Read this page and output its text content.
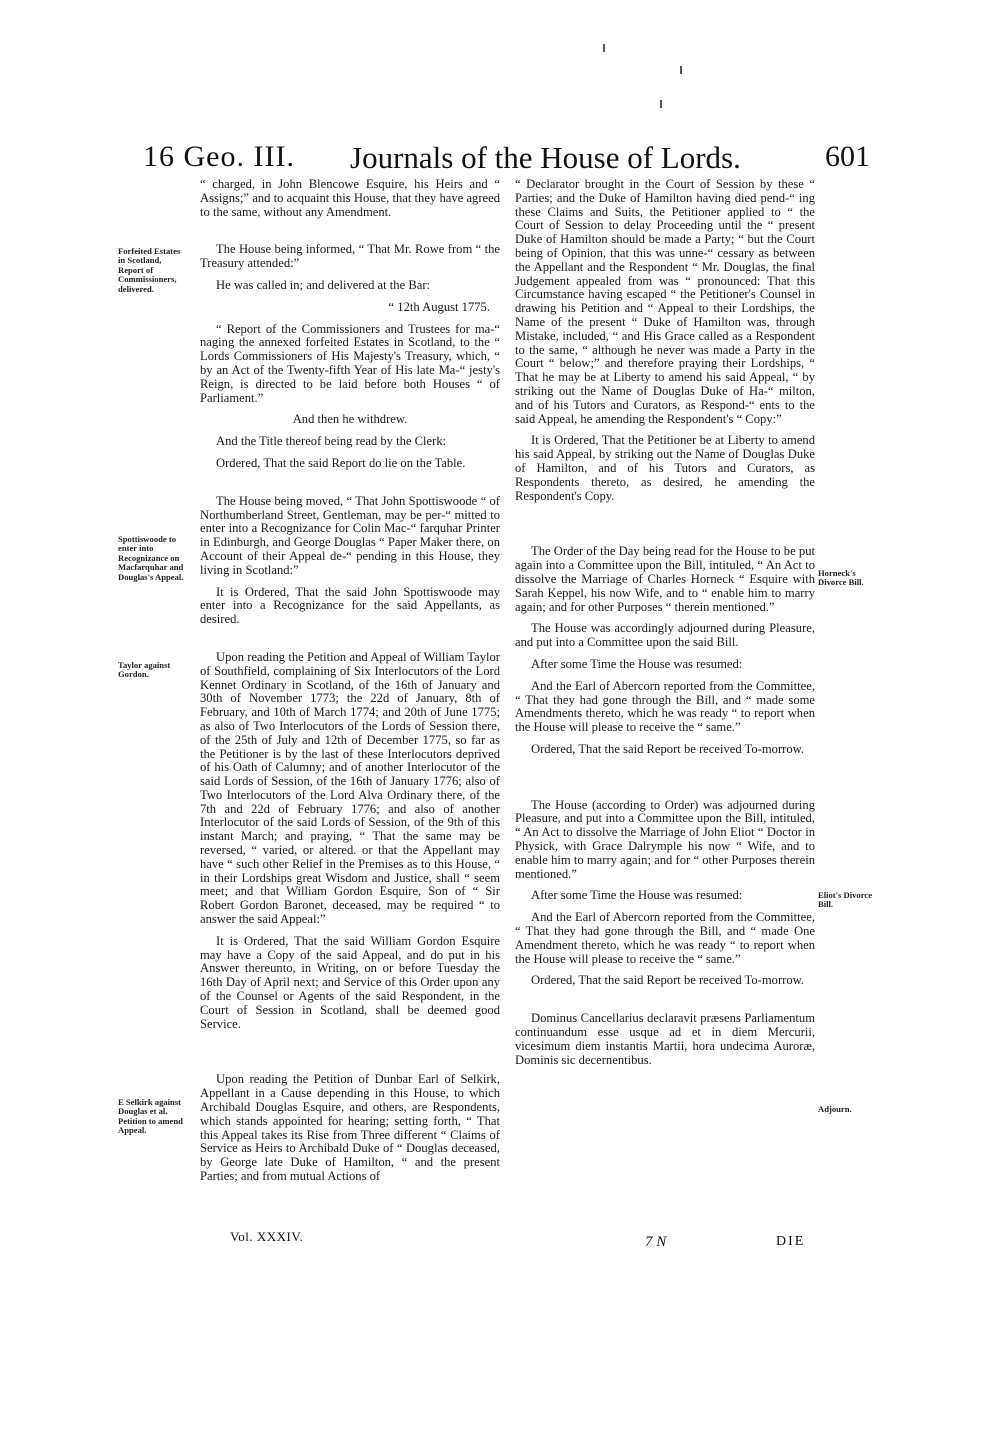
16 Geo. III. Journals of the House of Lords.	601
Forfeited Estates in Scotland, Report of Commissioners, delivered.
Spottiswoode to enter into Recognizance on Macfarquhar and Douglas's Appeal.
Taylor against Gordon.
E Selkirk against Douglas et al. Petition to amend Appeal.
Horneck's Divorce Bill.
Eliot's Divorce Bill.
Adjourn.

“ charged, in John Blencowe Esquire, his Heirs and “ Assigns;” and to acquaint this House, that they have agreed to the same, without any Amendment.

The House being informed, “ That Mr. Rowe from “ the Treasury attended:”

He was called in; and delivered at the Bar:

“ 12th August 1775.

“ Report of the Commissioners and Trustees for ma-“ naging the annexed forfeited Estates in Scotland, to the “ Lords Commissioners of His Majesty's Treasury, which, “ by an Act of the Twenty-fifth Year of His late Ma-“ jesty's Reign, is directed to be laid before both Houses “ of Parliament.”

And then he withdrew.

And the Title thereof being read by the Clerk:

Ordered, That the said Report do lie on the Table.

The House being moved, “ That John Spottiswoode “ of Northumberland Street, Gentleman, may be per-“ mitted to enter into a Recognizance for Colin Mac-“ farquhar Printer in Edinburgh, and George Douglas “ Paper Maker there, on Account of their Appeal de-“ pending in this House, they living in Scotland:”

It is Ordered, That the said John Spottiswoode may enter into a Recognizance for the said Appellants, as desired.

Upon reading the Petition and Appeal of William Taylor of Southfield, complaining of Six Interlocutors of the Lord Kennet Ordinary in Scotland, of the 16th of January and 30th of November 1773; the 22d of January, 8th of February, and 10th of March 1774; and 20th of June 1775; as also of Two Interlocutors of the Lords of Session there, of the 25th of July and 12th of December 1775, so far as the Petitioner is by the last of these Interlocutors deprived of his Oath of Calumny; and of another Interlocutor of the said Lords of Session, of the 16th of January 1776; also of Two Interlocutors of the Lord Alva Ordinary there, of the 7th and 22d of February 1776; and also of another Interlocutor of the said Lords of Session, of the 9th of this instant March; and praying, “ That the same may be reversed, “ varied, or altered. or that the Appellant may have “ such other Relief in the Premises as to this House, “ in their Lordships great Wisdom and Justice, shall “ seem meet; and that William Gordon Esquire, Son of “ Sir Robert Gordon Baronet, deceased, may be required “ to answer the said Appeal:”

It is Ordered, That the said William Gordon Esquire may have a Copy of the said Appeal, and do put in his Answer thereunto, in Writing, on or before Tuesday the 16th Day of April next; and Service of this Order upon any of the Counsel or Agents of the said Respondent, in the Court of Session in Scotland, shall be deemed good Service.

Upon reading the Petition of Dunbar Earl of Selkirk, Appellant in a Cause depending in this House, to which Archibald Douglas Esquire, and others, are Respondents, which stands appointed for hearing; setting forth, “ That this Appeal takes its Rise from Three different “ Claims of Service as Heirs to Archibald Duke of “ Douglas deceased, by George late Duke of Hamilton, “ and the present Parties; and from mutual Actions of

“ Declarator brought in the Court of Session by these “ Parties; and the Duke of Hamilton having died pend-“ ing these Claims and Suits, the Petitioner applied to “ the Court of Session to delay Proceeding until the “ present Duke of Hamilton should be made a Party; “ but the Court being of Opinion, that this was unne-“ cessary as between the Appellant and the Respondent “ Mr. Douglas, the final Judgement appealed from was “ pronounced: That this Circumstance having escaped “ the Petitioner's Counsel in drawing his Petition and “ Appeal to their Lordships, the Name of the present “ Duke of Hamilton was, through Mistake, included, “ and His Grace called as a Respondent to the same, “ although he never was made a Party in the Court “ below;” and therefore praying their Lordships, “ That he may be at Liberty to amend his said Appeal, “ by striking out the Name of Douglas Duke of Ha-“ milton, and of his Tutors and Curators, as Respond-“ ents to the said Appeal, he amending the Respondent's “ Copy:”

It is Ordered, That the Petitioner be at Liberty to amend his said Appeal, by striking out the Name of Douglas Duke of Hamilton, and of his Tutors and Curators, as Respondents thereto, as desired, he amending the Respondent's Copy.

The Order of the Day being read for the House to be put again into a Committee upon the Bill, intituled, “ An Act to dissolve the Marriage of Charles Horneck “ Esquire with Sarah Keppel, his now Wife, and to “ enable him to marry again; and for other Purposes “ therein mentioned.”

The House was accordingly adjourned during Pleasure, and put into a Committee upon the said Bill.

After some Time the House was resumed:

And the Earl of Abercorn reported from the Committee, “ That they had gone through the Bill, and “ made some Amendments thereto, which he was ready “ to report when the House will please to receive the “ same.”

Ordered, That the said Report be received To-morrow.

The House (according to Order) was adjourned during Pleasure, and put into a Committee upon the Bill, intituled, “ An Act to dissolve the Marriage of John Eliot “ Doctor in Physick, with Grace Dalrymple his now “ Wife, and to enable him to marry again; and for “ other Purposes therein mentioned.”

After some Time the House was resumed:

And the Earl of Abercorn reported from the Committee, “ That they had gone through the Bill, and “ made One Amendment thereto, which he was ready “ to report when the House will please to receive the “ same.”

Ordered, That the said Report be received To-morrow.

Dominus Cancellarius declaravit præsens Parliamentum continuandum esse usque ad et in diem Mercurii, vicesimum diem instantis Martii, hora undecima Auroræ, Dominis sic decernentibus.

Vol. XXXIV.	7 N	DIE
